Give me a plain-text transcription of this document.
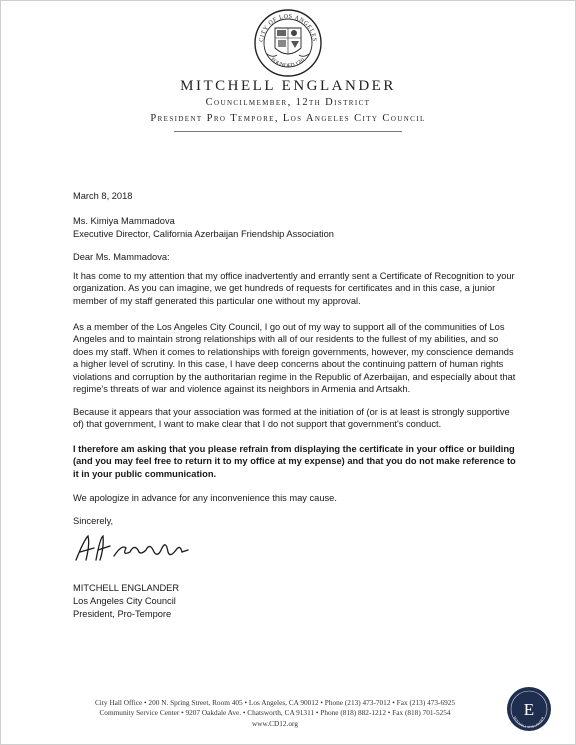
CITY OF LOS ANGELES
FOUNDED 1781
MITCHELL ENGLANDER
Councilmember, 12th District
President Pro Tempore, Los Angeles City Council
March 8, 2018
Ms. Kimiya Mammadova
Executive Director, California Azerbaijan Friendship Association
Dear Ms. Mammadova:

It has come to my attention that my office inadvertently and errantly sent a Certificate of Recognition to your organization. As you can imagine, we get hundreds of requests for certificates and in this case, a junior member of my staff generated this particular one without my approval.

As a member of the Los Angeles City Council, I go out of my way to support all of the communities of Los Angeles and to maintain strong relationships with all of our residents to the fullest of my abilities, and so does my staff. When it comes to relationships with foreign governments, however, my conscience demands a higher level of scrutiny. In this case, I have deep concerns about the continuing pattern of human rights violations and corruption by the authoritarian regime in the Republic of Azerbaijan, and especially about that regime's threats of war and violence against its neighbors in Armenia and Artsakh.

Because it appears that your association was formed at the initiation of (or is at least is strongly supportive of) that government, I want to make clear that I do not support that government's conduct.

I therefore am asking that you please refrain from displaying the certificate in your office or building (and you may feel free to return it to my office at my expense) and that you do not make reference to it in your public communication.

We apologize in advance for any inconvenience this may cause.

Sincerely,
MITCHELL ENGLANDER
Los Angeles City Council
President, Pro-Tempore
City Hall Office • 200 N. Spring Street, Room 405 • Los Angeles, CA 90012 • Phone (213) 473-7012 • Fax (213) 473-6925
Community Service Center • 9207 Oakdale Ave. • Chatsworth, CA 91311 • Phone (818) 882-1212 • Fax (818) 701-5254
www.CD12.org
E
MITCHELL ENGLANDER
